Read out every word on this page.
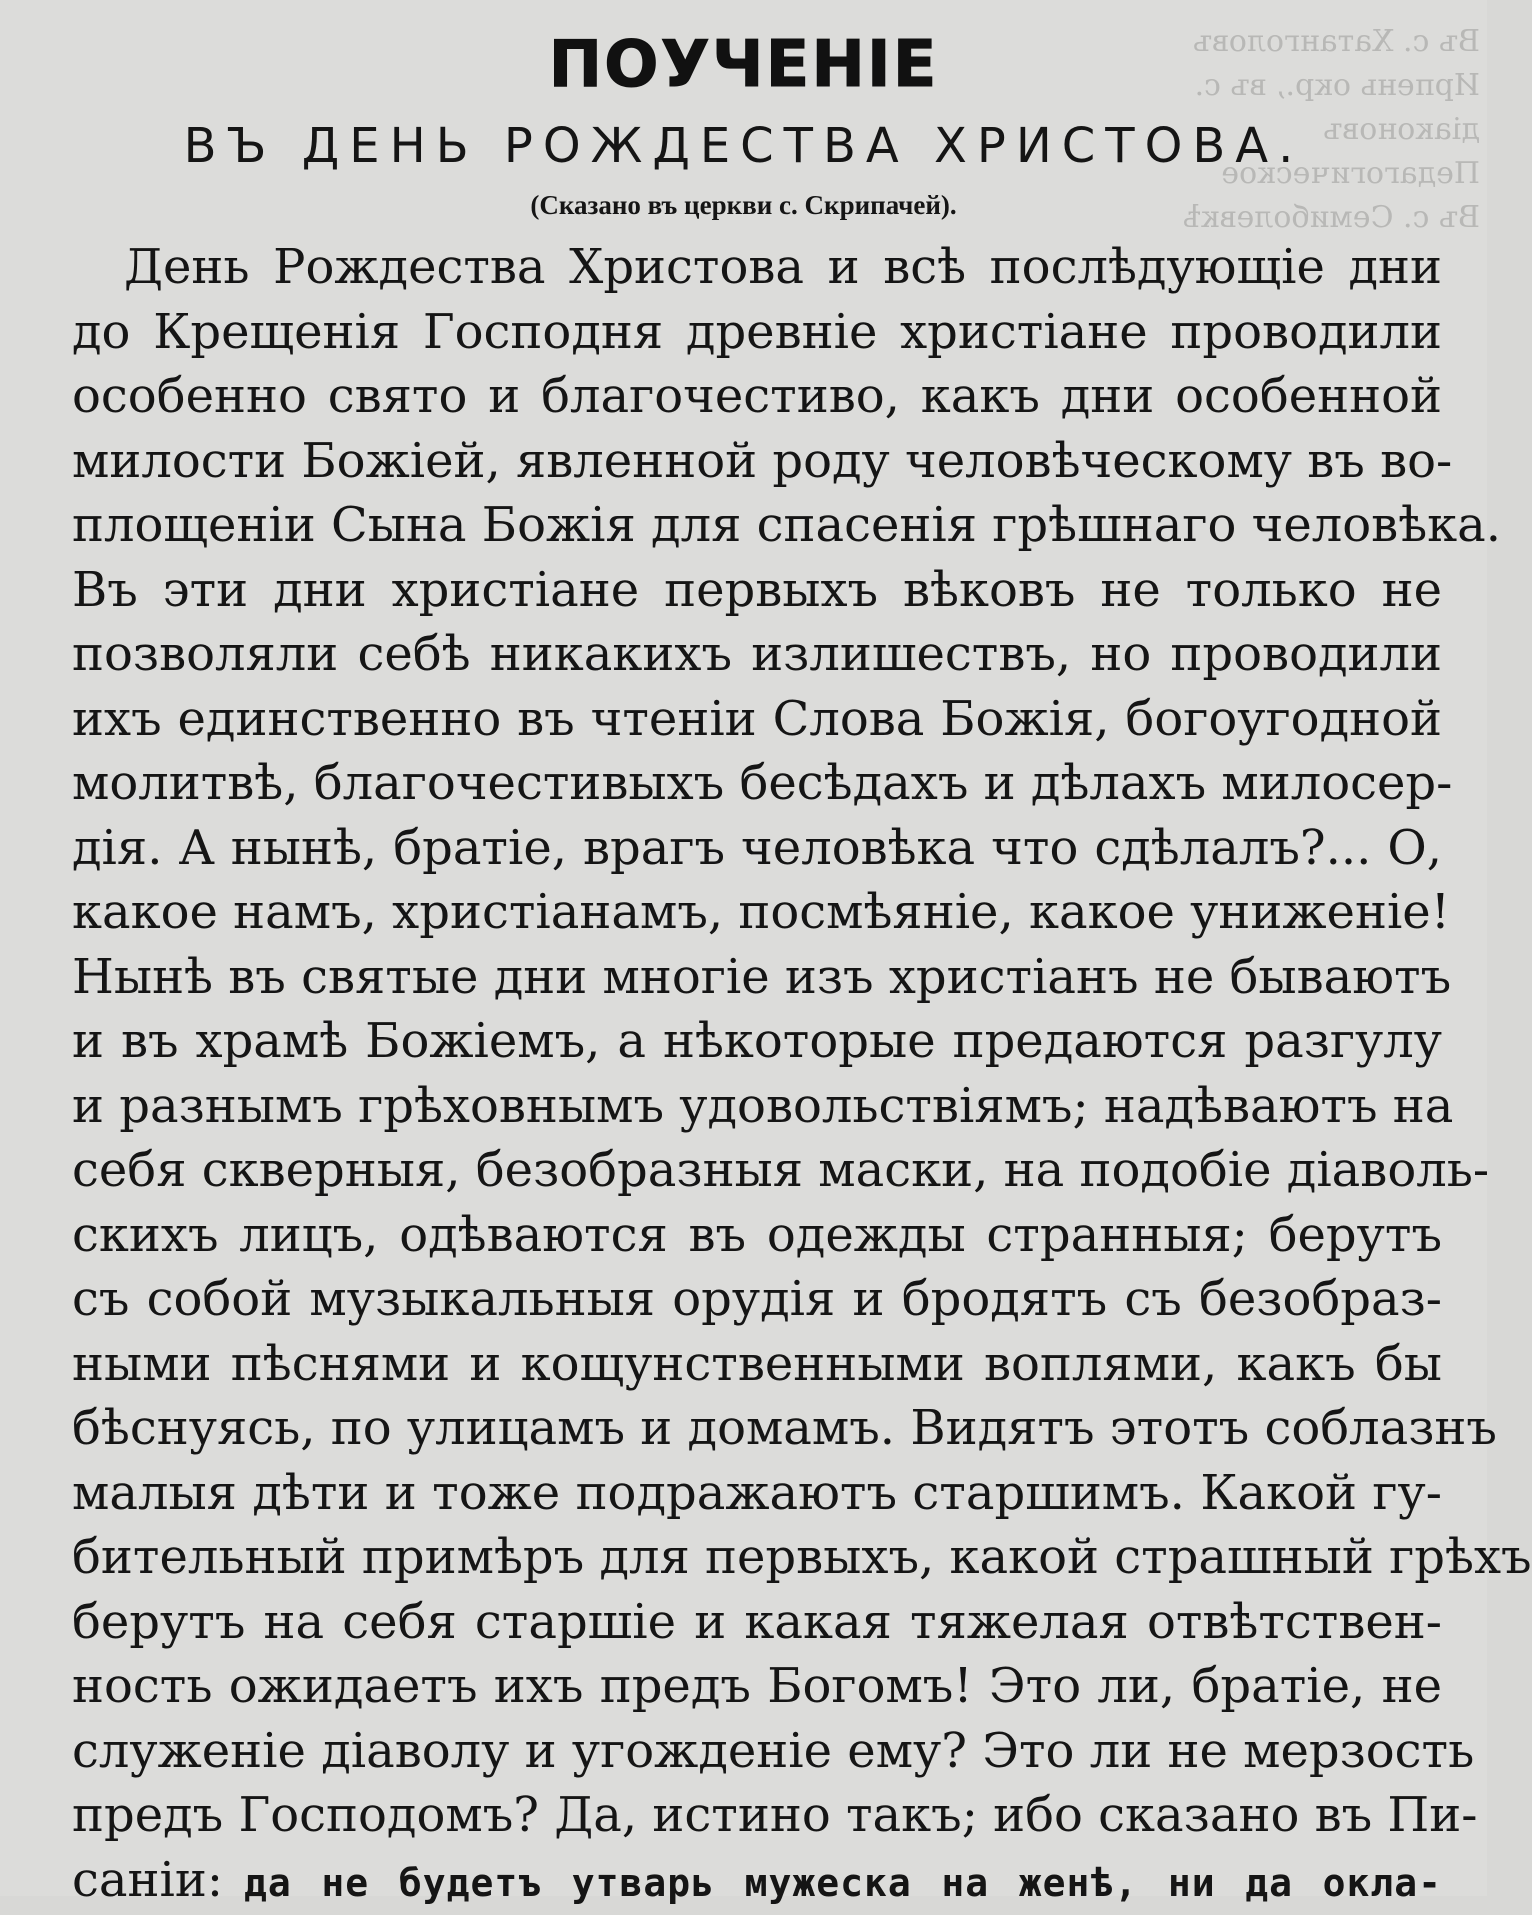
Въ с. Хатанголовъ
Ирпень окр., въ с.
діаконовъ
Педагогическое
Въ с. Семиболевкѣ
ПОУЧЕНІЕ
ВЪ ДЕНЬ РОЖДЕСТВА ХРИСТОВА.
(Сказано въ церкви с. Скрипачей).
День Рождества Христова и всѣ послѣдующіе дни
до Крещенія Господня древніе христіане проводили
особенно свято и благочестиво, какъ дни особенной
милости Божіей, явленной роду человѣческому въ во-
площеніи Сына Божія для спасенія грѣшнаго человѣка.
Въ эти дни христіане первыхъ вѣковъ не только не
позволяли себѣ никакихъ излишествъ, но проводили
ихъ единственно въ чтеніи Слова Божія, богоугодной
молитвѣ, благочестивыхъ бесѣдахъ и дѣлахъ милосер-
дія. А нынѣ, братіе, врагъ человѣка что сдѣлалъ?... О,
какое намъ, христіанамъ, посмѣяніе, какое униженіе!
Нынѣ въ святые дни многіе изъ христіанъ не бываютъ
и въ храмѣ Божіемъ, а нѣкоторые предаются разгулу
и разнымъ грѣховнымъ удовольствіямъ; надѣваютъ на
себя скверныя, безобразныя маски, на подобіе діаволь-
скихъ лицъ, одѣваются въ одежды странныя; берутъ
съ собой музыкальныя орудія и бродятъ съ безобраз-
ными пѣснями и кощунственными воплями, какъ бы
бѣснуясь, по улицамъ и домамъ. Видятъ этотъ соблазнъ
малыя дѣти и тоже подражаютъ старшимъ. Какой гу-
бительный примѣръ для первыхъ, какой страшный грѣхъ
берутъ на себя старшіе и какая тяжелая отвѣтствен-
ность ожидаетъ ихъ предъ Богомъ! Это ли, братіе, не
служеніе діаволу и угожденіе ему? Это ли не мерзость
предъ Господомъ? Да, истино такъ; ибо сказано въ Пи-
саніи: да не будетъ утварь мужеска на женѣ, ни да окла-
